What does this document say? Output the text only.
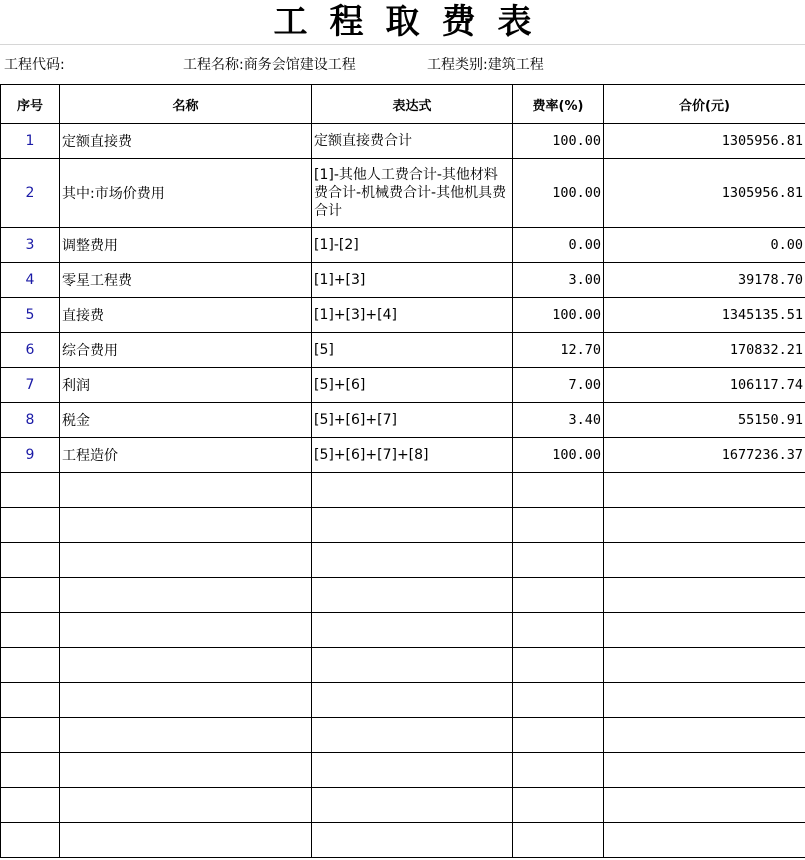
工程取费表
工程代码:	工程名称:商务会馆建设工程	工程类别:建筑工程
序号	名称	表达式	费率(%)	合价(元)
1	定额直接费	定额直接费合计	100.00	1305956.81
2	其中:市场价费用	[1]-其他人工费合计-其他材料费合计-机械费合计-其他机具费合计	100.00	1305956.81
3	调整费用	[1]-[2]	0.00	0.00
4	零星工程费	[1]+[3]	3.00	39178.70
5	直接费	[1]+[3]+[4]	100.00	1345135.51
6	综合费用	[5]	12.70	170832.21
7	利润	[5]+[6]	7.00	106117.74
8	税金	[5]+[6]+[7]	3.40	55150.91
9	工程造价	[5]+[6]+[7]+[8]	100.00	1677236.37
